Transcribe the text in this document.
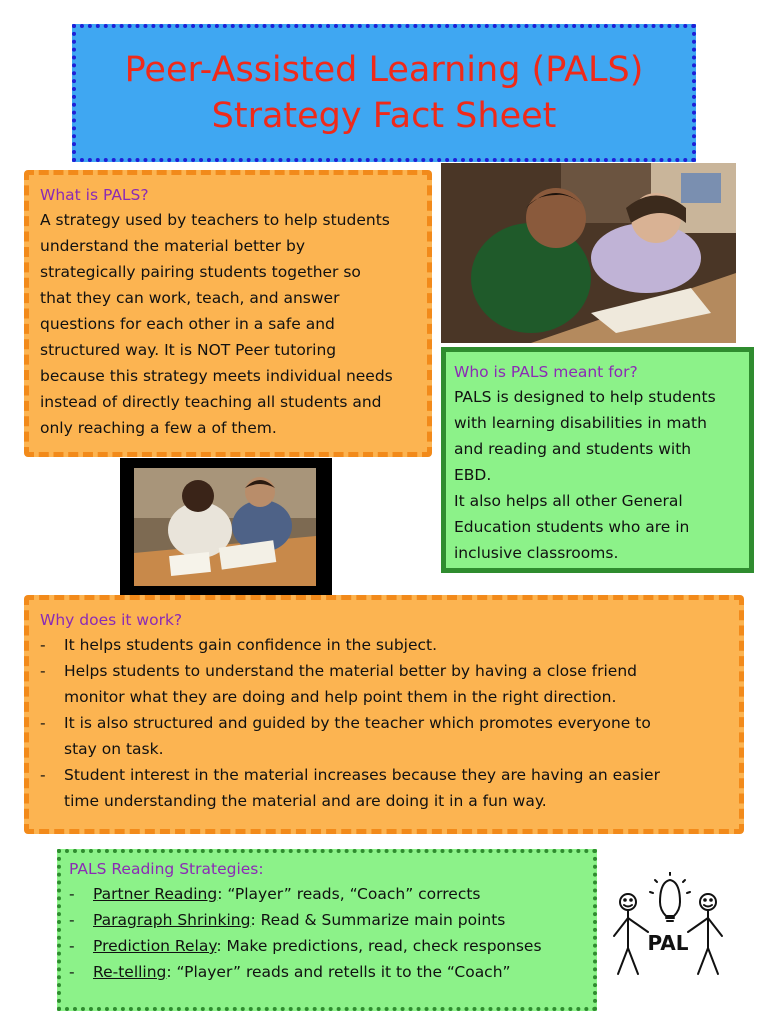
Peer-Assisted Learning (PALS)
Strategy Fact Sheet
What is PALS?
A strategy used by teachers to help students
understand the material better by
strategically pairing students together so
that they can work, teach, and answer
questions for each other in a safe and
structured way. It is NOT Peer tutoring
because this strategy meets individual needs
instead of directly teaching all students and
only reaching a few a of them.
Who is PALS meant for?
PALS is designed to help students
with learning disabilities in math
and reading and students with
EBD.
It also helps all other General
Education students who are in
inclusive classrooms.
Why does it work?
-	It helps students gain confidence in the subject.
-	Helps students to understand the material better by having a close friend
monitor what they are doing and help point them in the right direction.
-	It is also structured and guided by the teacher which promotes everyone to
stay on task.
-	Student interest in the material increases because they are having an easier
time understanding the material and are doing it in a fun way.
PALS Reading Strategies:
-	Partner Reading: “Player” reads, “Coach” corrects
-	Paragraph Shrinking: Read & Summarize main points
-	Prediction Relay: Make predictions, read, check responses
-	Re-telling: “Player” reads and retells it to the “Coach”
PAL
